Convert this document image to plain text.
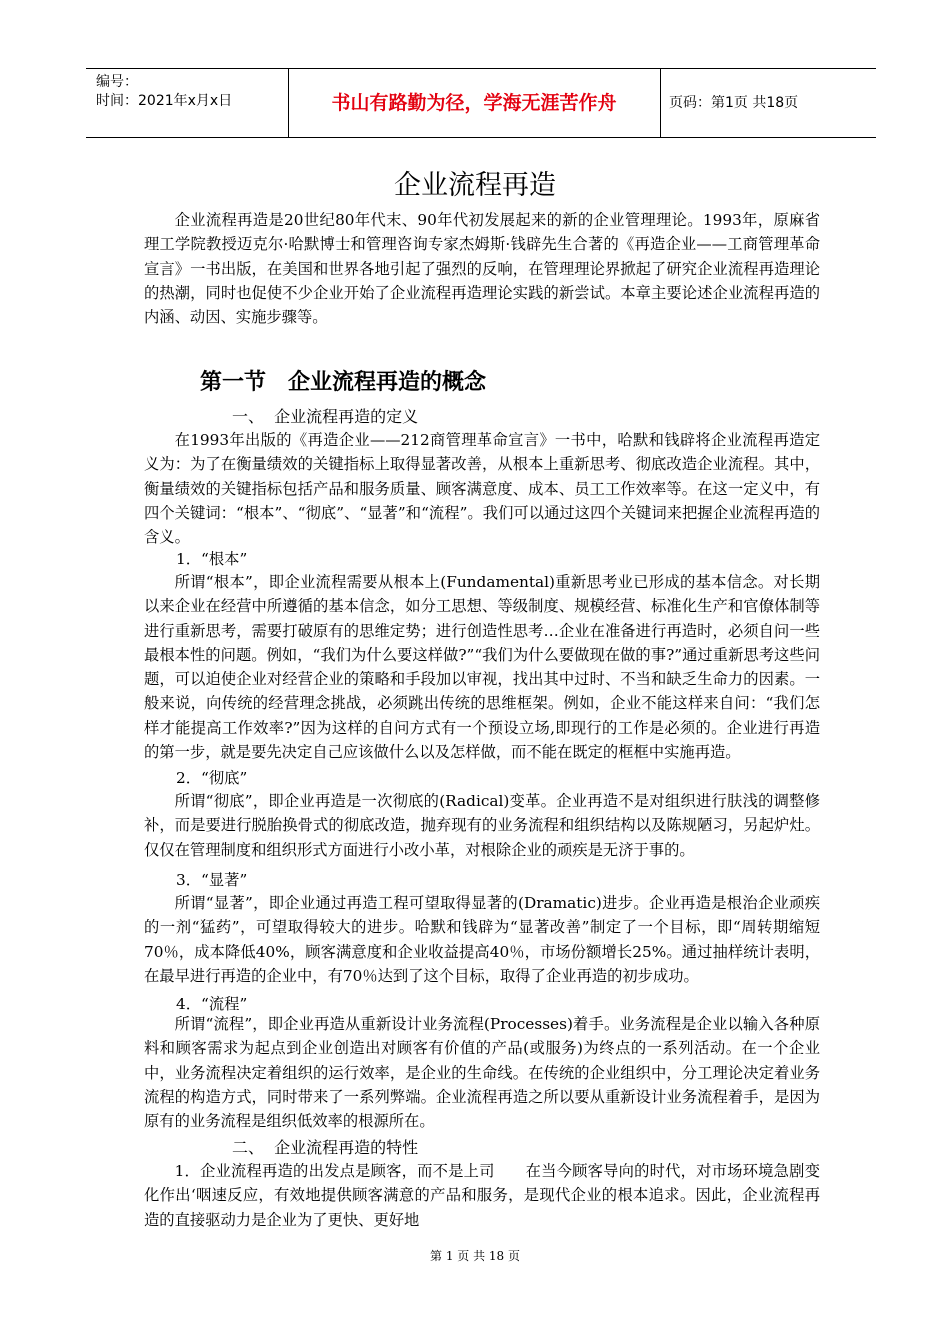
编号：
时间：2021年x月x日	书山有路勤为径，学海无涯苦作舟	页码：第1页 共18页
企业流程再造

企业流程再造是20世纪80年代末、90年代初发展起来的新的企业管理理论。1993年，原麻省理工学院教授迈克尔·哈默博士和管理咨询专家杰姆斯·钱辟先生合著的《再造企业——工商管理革命宣言》一书出版，在美国和世界各地引起了强烈的反响，在管理理论界掀起了研究企业流程再造理论的热潮，同时也促使不少企业开始了企业流程再造理论实践的新尝试。本章主要论述企业流程再造的内涵、动因、实施步骤等。

第一节　企业流程再造的概念
一、  企业流程再造的定义

在1993年出版的《再造企业——212商管理革命宣言》一书中，哈默和钱辟将企业流程再造定义为：为了在衡量绩效的关键指标上取得显著改善，从根本上重新思考、彻底改造企业流程。其中，衡量绩效的关键指标包括产品和服务质量、顾客满意度、成本、员工工作效率等。在这一定义中，有四个关键词：“根本”、“彻底”、“显著”和“流程”。我们可以通过这四个关键词来把握企业流程再造的含义。

1．“根本”

所谓“根本”，即企业流程需要从根本上(Fundamental)重新思考业已形成的基本信念。对长期以来企业在经营中所遵循的基本信念，如分工思想、等级制度、规模经营、标准化生产和官僚体制等进行重新思考，需要打破原有的思维定势；进行创造性思考…企业在准备进行再造时，必须自问一些最根本性的问题。例如，“我们为什么要这样做?”“我们为什么要做现在做的事?”通过重新思考这些问题，可以迫使企业对经营企业的策略和手段加以审视，找出其中过时、不当和缺乏生命力的因素。一般来说，向传统的经营理念挑战，必须跳出传统的思维框架。例如，企业不能这样来自问：“我们怎样才能提高工作效率?”因为这样的自问方式有一个预设立场,即现行的工作是必须的。企业进行再造的第一步，就是要先决定自己应该做什么以及怎样做，而不能在既定的框框中实施再造。

2．“彻底”

所谓“彻底”，即企业再造是一次彻底的(Radical)变革。企业再造不是对组织进行肤浅的调整修补，而是要进行脱胎换骨式的彻底改造，抛弃现有的业务流程和组织结构以及陈规陋习，另起炉灶。仅仅在管理制度和组织形式方面进行小改小革，对根除企业的顽疾是无济于事的。

3．“显著”

所谓“显著”，即企业通过再造工程可望取得显著的(Dramatic)进步。企业再造是根治企业顽疾的一剂“猛药”，可望取得较大的进步。哈默和钱辟为“显著改善”制定了一个目标，即“周转期缩短70％，成本降低40%，顾客满意度和企业收益提高40％，市场份额增长25%。通过抽样统计表明，在最早进行再造的企业中，有70％达到了这个目标，取得了企业再造的初步成功。

4．“流程”

所谓“流程”，即企业再造从重新设计业务流程(Processes)着手。业务流程是企业以输入各种原料和顾客需求为起点到企业创造出对顾客有价值的产品(或服务)为终点的一系列活动。在一个企业中，业务流程决定着组织的运行效率，是企业的生命线。在传统的企业组织中，分工理论决定着业务流程的构造方式，同时带来了一系列弊端。企业流程再造之所以要从重新设计业务流程着手，是因为原有的业务流程是组织低效率的根源所在。

二、  企业流程再造的特性

1．企业流程再造的出发点是顾客，而不是上司　　在当今顾客导向的时代，对市场环境急剧变化作出‘咽速反应，有效地提供顾客满意的产品和服务，是现代企业的根本追求。因此，企业流程再造的直接驱动力是企业为了更快、更好地

第 1 页 共 18 页
